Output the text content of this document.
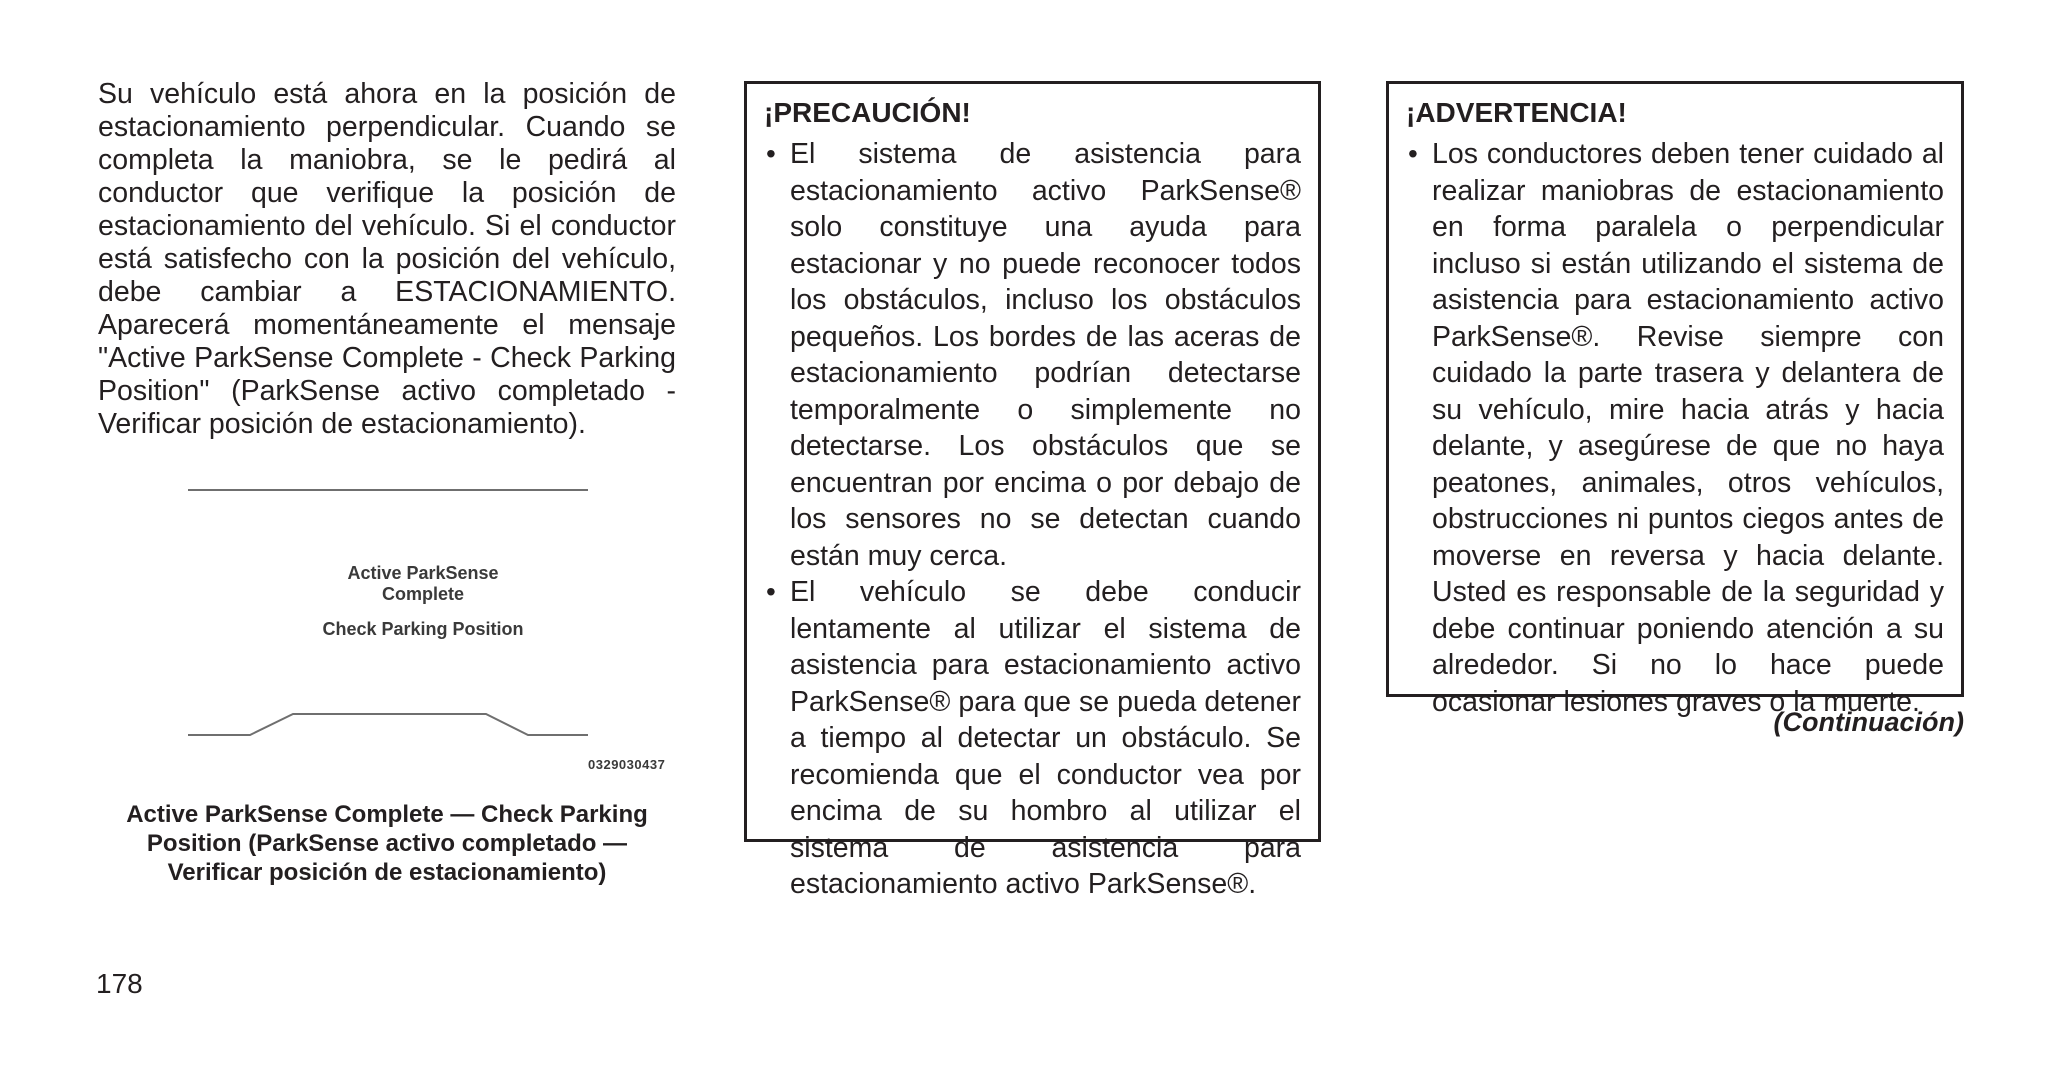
Su vehículo está ahora en la posición de estacionamiento perpendicular. Cuando se completa la maniobra, se le pedirá al conductor que verifique la posición de estacionamiento del vehículo. Si el conductor está satisfecho con la posición del vehículo, debe cambiar a ESTACIONAMIENTO. Aparecerá momentáneamente el mensaje "Active ParkSense Complete - Check Parking Position" (ParkSense activo completado - Verificar posición de estacionamiento).

Active ParkSense Complete
Check Parking Position
0329030437

Active ParkSense Complete — Check Parking Position (ParkSense activo completado — Verificar posición de estacionamiento)

178
¡PRECAUCIÓN!
• El sistema de asistencia para estacionamiento activo ParkSense® solo constituye una ayuda para estacionar y no puede reconocer todos los obstáculos, incluso los obstáculos pequeños. Los bordes de las aceras de estacionamiento podrían detectarse temporalmente o simplemente no detectarse. Los obstáculos que se encuentran por encima o por debajo de los sensores no se detectan cuando están muy cerca.
• El vehículo se debe conducir lentamente al utilizar el sistema de asistencia para estacionamiento activo ParkSense® para que se pueda detener a tiempo al detectar un obstáculo. Se recomienda que el conductor vea por encima de su hombro al utilizar el sistema de asistencia para estacionamiento activo ParkSense®.
¡ADVERTENCIA!
• Los conductores deben tener cuidado al realizar maniobras de estacionamiento en forma paralela o perpendicular incluso si están utilizando el sistema de asistencia para estacionamiento activo ParkSense®. Revise siempre con cuidado la parte trasera y delantera de su vehículo, mire hacia atrás y hacia delante, y asegúrese de que no haya peatones, animales, otros vehículos, obstrucciones ni puntos ciegos antes de moverse en reversa y hacia delante. Usted es responsable de la seguridad y debe continuar poniendo atención a su alrededor. Si no lo hace puede ocasionar lesiones graves o la muerte.
(Continuación)
